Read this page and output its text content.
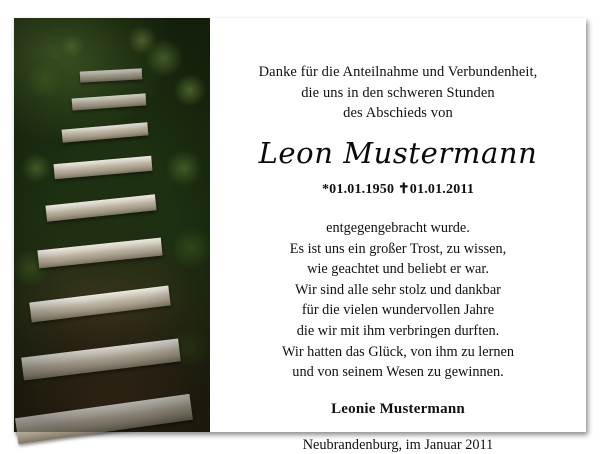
Danke für die Anteilnahme und Verbundenheit,
die uns in den schweren Stunden
des Abschieds von
Leon Mustermann
*01.01.1950 ✝01.01.2011
entgegengebracht wurde.
Es ist uns ein großer Trost, zu wissen,
wie geachtet und beliebt er war.
Wir sind alle sehr stolz und dankbar
für die vielen wundervollen Jahre
die wir mit ihm verbringen durften.
Wir hatten das Glück, von ihm zu lernen
und von seinem Wesen zu gewinnen.
Leonie Mustermann
Neubrandenburg, im Januar 2011
